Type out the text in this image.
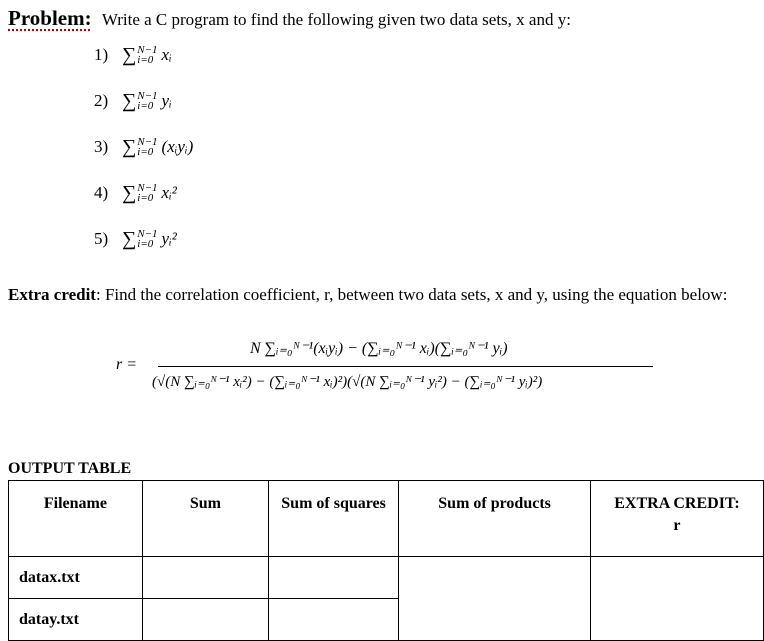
Problem: Write a C program to find the following given two data sets, x and y:
1) ∑ N−1
i=0 xᵢ
2) ∑ N−1
i=0 yᵢ
3) ∑ N−1
i=0 (xᵢyᵢ)
4) ∑ N−1
i=0 xᵢ²
5) ∑ N−1
i=0 yᵢ²
Extra credit: Find the correlation coefficient, r, between two data sets, x and y, using the equation below:
r =
N ∑ᵢ₌₀ᴺ⁻¹(xᵢyᵢ) − (∑ᵢ₌₀ᴺ⁻¹ xᵢ)(∑ᵢ₌₀ᴺ⁻¹ yᵢ)
(√(N ∑ᵢ₌₀ᴺ⁻¹ xᵢ²) − (∑ᵢ₌₀ᴺ⁻¹ xᵢ)²)(√(N ∑ᵢ₌₀ᴺ⁻¹ yᵢ²) − (∑ᵢ₌₀ᴺ⁻¹ yᵢ)²)
OUTPUT TABLE
Filename	Sum	Sum of squares	Sum of products	EXTRA CREDIT: r
datax.txt				
datay.txt				
